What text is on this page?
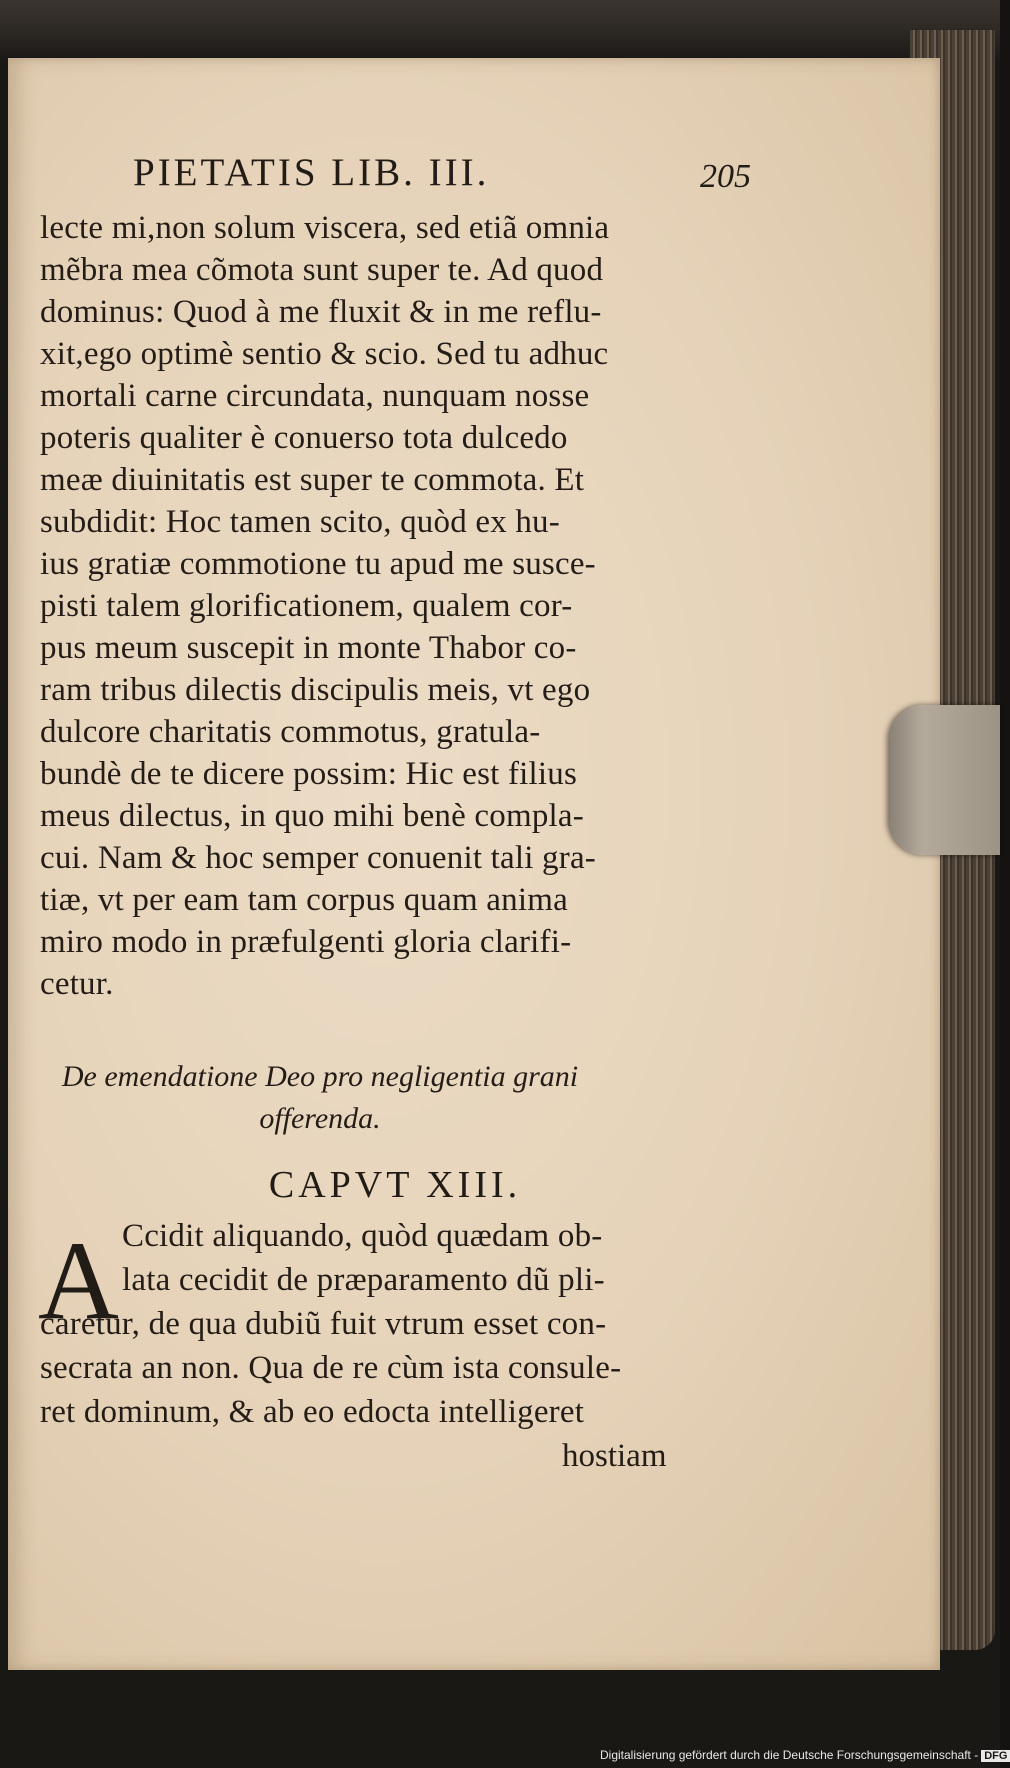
PIETATIS LIB. III.	205
lecte mi,non solum viscera, sed etiã omnia
mẽbra mea cõmota sunt super te. Ad quod
dominus: Quod à me fluxit & in me reflu-
xit,ego optimè sentio & scio. Sed tu adhuc
mortali carne circundata, nunquam nosse
poteris qualiter è conuerso tota dulcedo
meæ diuinitatis est super te commota. Et
subdidit: Hoc tamen scito, quòd ex hu-
ius gratiæ commotione tu apud me susce-
pisti talem glorificationem, qualem cor-
pus meum suscepit in monte Thabor co-
ram tribus dilectis discipulis meis, vt ego
dulcore charitatis commotus, gratula-
bundè de te dicere possim: Hic est filius
meus dilectus, in quo mihi benè compla-
cui. Nam & hoc semper conuenit tali gra-
tiæ, vt per eam tam corpus quam anima
miro modo in præfulgenti gloria clarifi-
cetur.
De emendatione Deo pro negligentia grani
offerenda.
CAPVT XIII.
A Ccidit aliquando, quòd quædam ob-
lata cecidit de præparamento dũ pli-
caretur, de qua dubiũ fuit vtrum esset con-
secrata an non. Qua de re cùm ista consule-
ret dominum, & ab eo edocta intelligeret
hostiam
Digitalisierung gefördert durch die Deutsche Forschungsgemeinschaft - DFG
